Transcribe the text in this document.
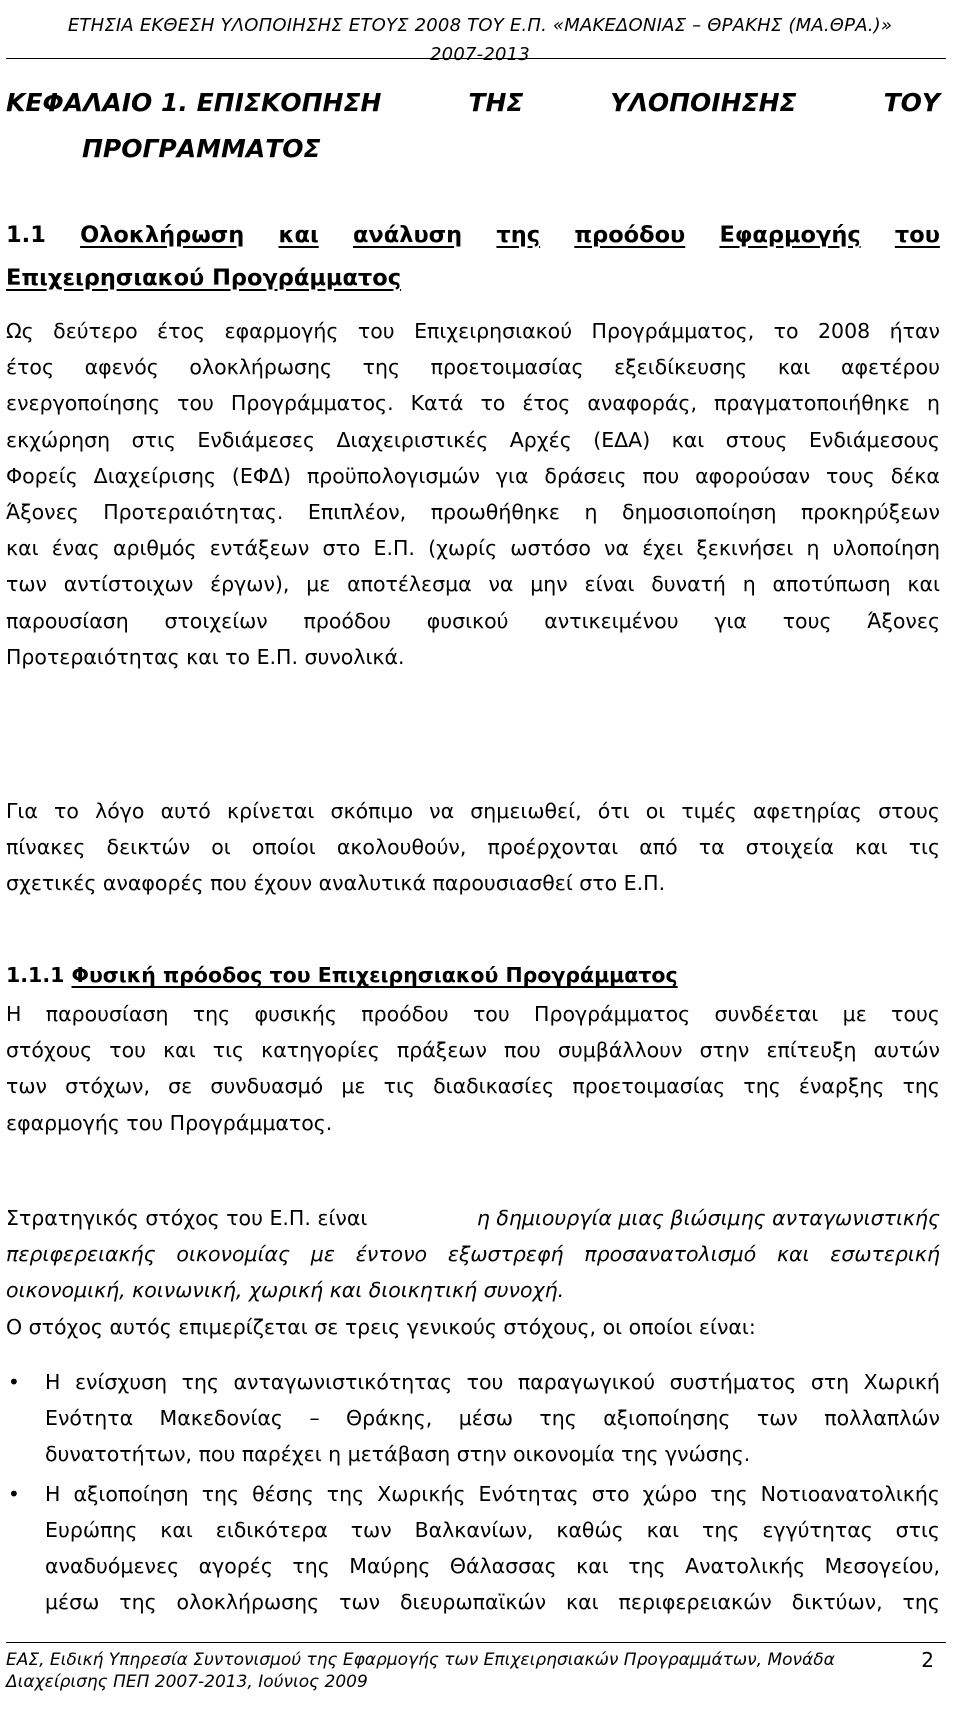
ΕΤΗΣΙΑ ΕΚΘΕΣΗ ΥΛΟΠΟΙΗΣΗΣ ΕΤΟΥΣ 2008 ΤΟΥ Ε.Π. «ΜΑΚΕΔΟΝΙΑΣ – ΘΡΑΚΗΣ (ΜΑ.ΘΡΑ.)»
2007-2013
ΚΕΦΑΛΑΙΟ 1. ΕΠΙΣΚΟΠΗΣΗ	ΤΗΣ	ΥΛΟΠΟΙΗΣΗΣ	ΤΟΥ
ΠΡΟΓΡΑΜΜΑΤΟΣ
1.1 Ολοκλήρωση και ανάλυση της προόδου Εφαρμογής του
Επιχειρησιακού Προγράμματος
Ως δεύτερο έτος εφαρμογής του Επιχειρησιακού Προγράμματος, το 2008 ήταν
έτος αφενός ολοκλήρωσης της προετοιμασίας εξειδίκευσης και αφετέρου
ενεργοποίησης του Προγράμματος. Κατά το έτος αναφοράς, πραγματοποιήθηκε η
εκχώρηση στις Ενδιάμεσες Διαχειριστικές Αρχές (ΕΔΑ) και στους Ενδιάμεσους
Φορείς Διαχείρισης (ΕΦΔ) προϋπολογισμών για δράσεις που αφορούσαν τους δέκα
Άξονες Προτεραιότητας. Επιπλέον, προωθήθηκε η δημοσιοποίηση προκηρύξεων
και ένας αριθμός εντάξεων στο Ε.Π. (χωρίς ωστόσο να έχει ξεκινήσει η υλοποίηση
των αντίστοιχων έργων), με αποτέλεσμα να μην είναι δυνατή η αποτύπωση και
παρουσίαση στοιχείων προόδου φυσικού αντικειμένου για τους Άξονες
Προτεραιότητας και το Ε.Π. συνολικά.
Για το λόγο αυτό κρίνεται σκόπιμο να σημειωθεί, ότι οι τιμές αφετηρίας στους
πίνακες δεικτών οι οποίοι ακολουθούν, προέρχονται από τα στοιχεία και τις
σχετικές αναφορές που έχουν αναλυτικά παρουσιασθεί στο Ε.Π.
1.1.1 Φυσική πρόοδος του Επιχειρησιακού Προγράμματος
Η παρουσίαση της φυσικής προόδου του Προγράμματος συνδέεται με τους
στόχους του και τις κατηγορίες πράξεων που συμβάλλουν στην επίτευξη αυτών
των στόχων, σε συνδυασμό με τις διαδικασίες προετοιμασίας της έναρξης της
εφαρμογής του Προγράμματος.
Στρατηγικός στόχος του Ε.Π. είναι	η δημιουργία μιας βιώσιμης ανταγωνιστικής
περιφερειακής οικονομίας με έντονο εξωστρεφή προσανατολισμό και εσωτερική
οικονομική, κοινωνική, χωρική και διοικητική συνοχή.
Ο στόχος αυτός επιμερίζεται σε τρεις γενικούς στόχους, οι οποίοι είναι:
• Η ενίσχυση της ανταγωνιστικότητας του παραγωγικού συστήματος στη Χωρική
Ενότητα Μακεδονίας – Θράκης, μέσω της αξιοποίησης των πολλαπλών
δυνατοτήτων, που παρέχει η μετάβαση στην οικονομία της γνώσης.
• Η αξιοποίηση της θέσης της Χωρικής Ενότητας στο χώρο της Νοτιοανατολικής
Ευρώπης και ειδικότερα των Βαλκανίων, καθώς και της εγγύτητας στις
αναδυόμενες αγορές της Μαύρης Θάλασσας και της Ανατολικής Μεσογείου,
μέσω της ολοκλήρωσης των διευρωπαϊκών και περιφερειακών δικτύων, της
ΕΑΣ, Ειδική Υπηρεσία Συντονισμού της Εφαρμογής των Επιχειρησιακών Προγραμμάτων, Μονάδα
Διαχείρισης ΠΕΠ 2007-2013, Ιούνιος 2009
2
